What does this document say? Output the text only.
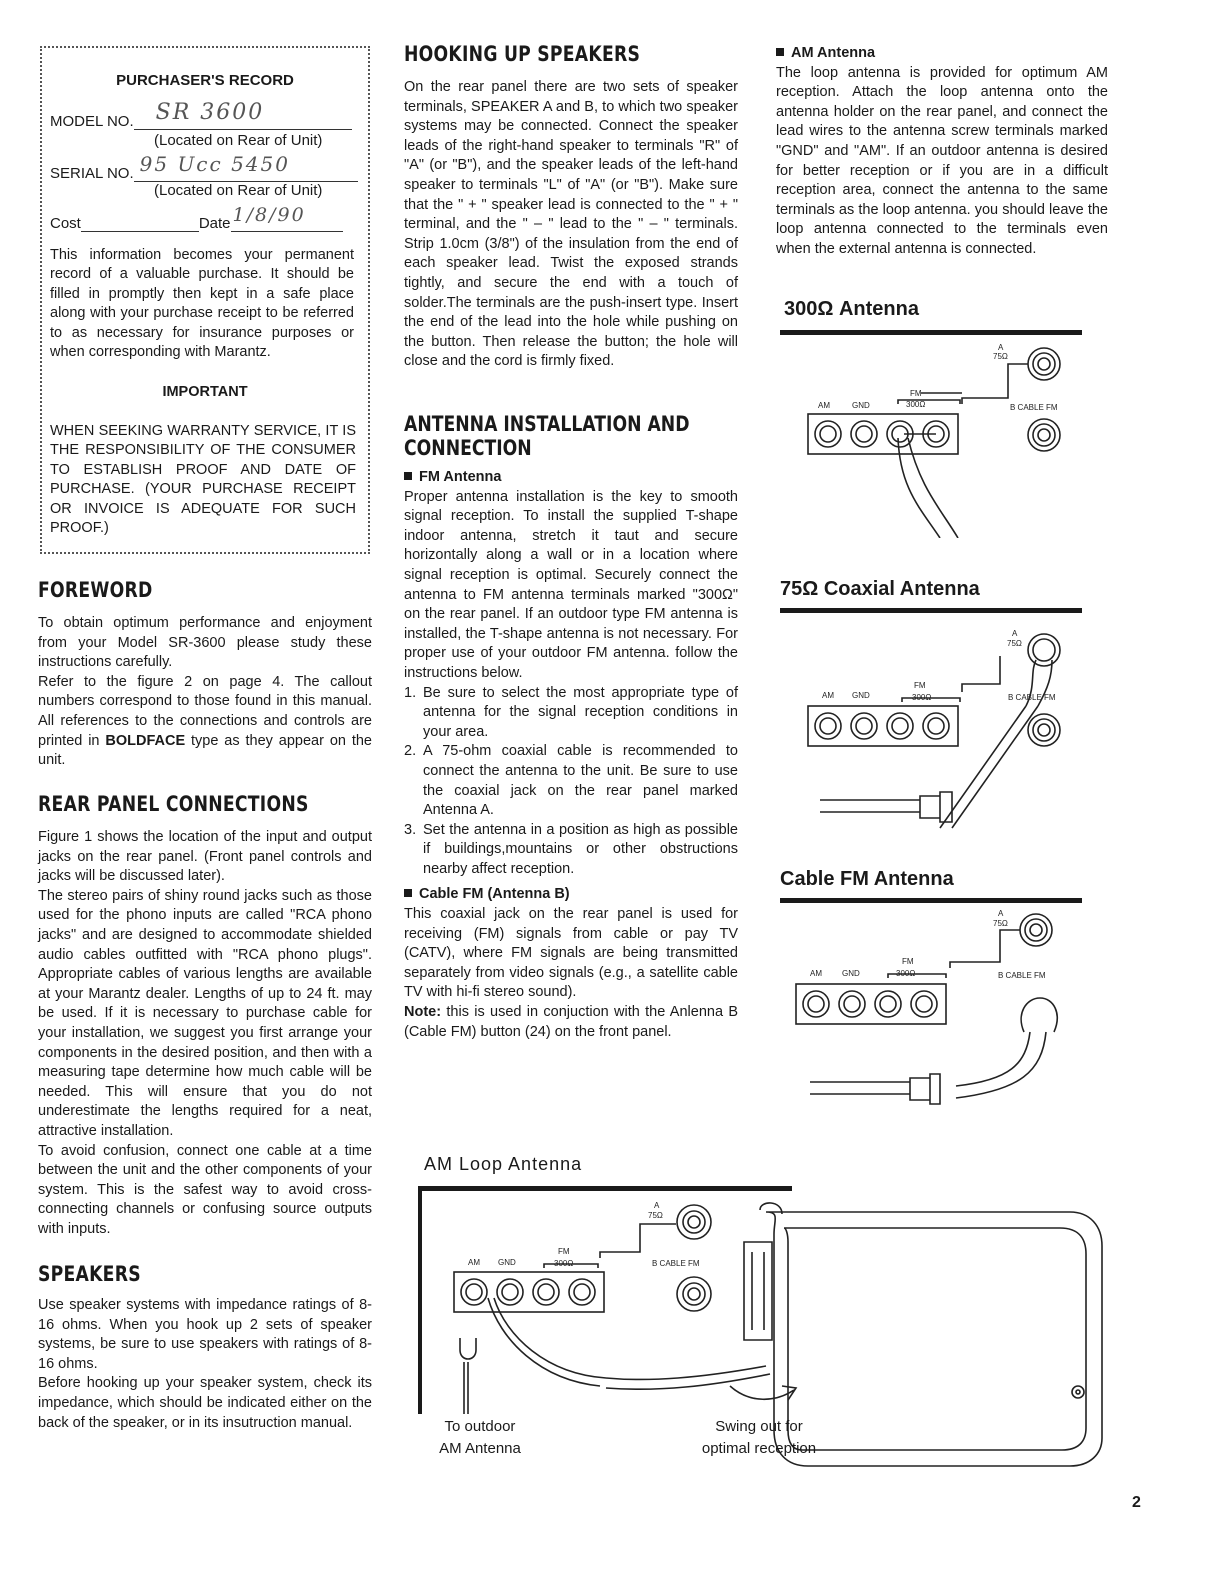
PURCHASER'S RECORD
MODEL NO. SR 3600
(Located on Rear of Unit)
SERIAL NO. 95 Ucc 5450
(Located on Rear of Unit)
Cost	Date 1/8/90
This information becomes your permanent record of a valuable purchase. It should be filled in promptly then kept in a safe place along with your purchase receipt to be referred to as necessary for insurance purposes or when corresponding with Marantz.
IMPORTANT
WHEN SEEKING WARRANTY SERVICE, IT IS THE RESPONSIBILITY OF THE CONSUMER TO ESTABLISH PROOF AND DATE OF PURCHASE. (YOUR PURCHASE RECEIPT OR INVOICE IS ADEQUATE FOR SUCH PROOF.)
FOREWORD

To obtain optimum performance and enjoyment from your Model SR-3600 please study these instructions carefully.

Refer to the figure 2 on page 4. The callout numbers correspond to those found in this manual. All references to the connections and controls are printed in BOLDFACE type as they appear on the unit.

REAR PANEL CONNECTIONS

Figure 1 shows the location of the input and output jacks on the rear panel. (Front panel controls and jacks will be discussed later).

The stereo pairs of shiny round jacks such as those used for the phono inputs are called "RCA phono jacks" and are designed to accommodate shielded audio cables outfitted with "RCA phono plugs". Appropriate cables of various lengths are available at your Marantz dealer. Lengths of up to 24 ft. may be used. If it is necessary to purchase cable for your installation, we suggest you first arrange your components in the desired position, and then with a measuring tape determine how much cable will be needed. This will ensure that you do not underestimate the lengths required for a neat, attractive installation.

To avoid confusion, connect one cable at a time between the unit and the other components of your system. This is the safest way to avoid cross-connecting channels or confusing source outputs with inputs.

SPEAKERS

Use speaker systems with impedance ratings of 8-16 ohms. When you hook up 2 sets of speaker systems, be sure to use speakers with ratings of 8-16 ohms.

Before hooking up your speaker system, check its impedance, which should be indicated either on the back of the speaker, or in its insutruction manual.

HOOKING UP SPEAKERS
On the rear panel there are two sets of speaker terminals, SPEAKER A and B, to which two speaker systems may be connected. Connect the speaker leads of the right-hand speaker to terminals "R" of "A" (or "B"), and the speaker leads of the left-hand speaker to terminals "L" of "A" (or "B"). Make sure that the " + " speaker lead is connected to the " + " terminal, and the " – " lead to the " – " terminals. Strip 1.0cm (3/8") of the insulation from the end of each speaker lead. Twist the exposed strands tightly, and secure the end with a touch of solder.The terminals are the push-insert type. Insert the end of the lead into the hole while pushing on the button. Then release the button; the hole will close and the cord is firmly fixed.
ANTENNA INSTALLATION AND
CONNECTION
FM Antenna

Proper antenna installation is the key to smooth signal reception. To install the supplied T-shape indoor antenna, stretch it taut and secure horizontally along a wall or in a location where signal reception is optimal. Securely connect the antenna to FM antenna terminals marked "300Ω" on the rear panel. If an outdoor type FM antenna is installed, the T-shape antenna is not necessary. For proper use of your outdoor FM antenna. follow the instructions below.

1. Be sure to select the most appropriate type of antenna for the signal reception conditions in your area.
2. A 75-ohm coaxial cable is recommended to connect the antenna to the unit. Be sure to use the coaxial jack on the rear panel marked Antenna A.
3. Set the antenna in a position as high as possible if buildings,mountains or other obstructions nearby affect reception.
Cable FM (Antenna B)

This coaxial jack on the rear panel is used for receiving (FM) signals from cable or pay TV (CATV), where FM signals are being transmitted separately from video signals (e.g., a satellite cable TV with hi-fi stereo sound).

Note: this is used in conjuction with the Anlenna B (Cable FM) button (24) on the front panel.

AM Antenna

The loop antenna is provided for optimum AM reception. Attach the loop antenna onto the antenna holder on the rear panel, and connect the lead wires to the antenna screw terminals marked "GND" and "AM". If an outdoor antenna is desired for better reception or if you are in a difficult reception area, connect the antenna to the same terminals as the loop antenna. you should leave the loop antenna connected to the terminals even when the external antenna is connected.

300Ω Antenna
A
75Ω
FM
AM	GND	300Ω	B CABLE FM
75Ω Coaxial Antenna
A
75Ω
FM
AM GND	300Ω	B CABLE FM
Cable FM Antenna
A
75Ω
FM
AM	GND	300Ω	B CABLE FM
AM Loop Antenna
A
75Ω
FM
AM GND	300Ω	B CABLE FM
To outdoor
AM Antenna
Swing out for
optimal reception
2
